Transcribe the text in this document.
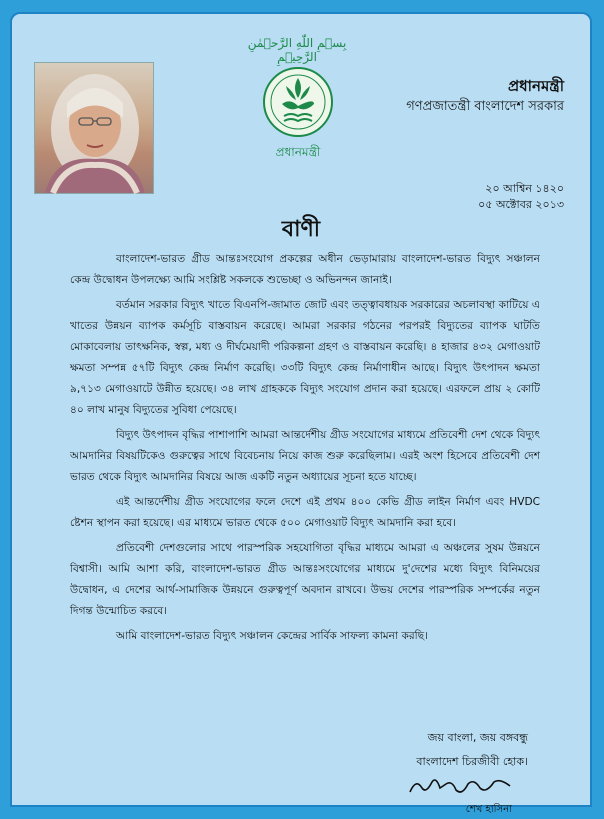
بِسۡمِ اللّٰهِ الرَّحۡمٰنِ الرَّحِیۡمِ
প্রধানমন্ত্রী
প্রধানমন্ত্রী
গণপ্রজাতন্ত্রী বাংলাদেশ সরকার
২০ আশ্বিন ১৪২০
০৫ অক্টোবর ২০১৩
বাণী

বাংলাদেশ-ভারত গ্রীড আন্তঃসংযোগ প্রকল্পের অধীন ভেড়ামারায় বাংলাদেশ-ভারত বিদ্যুৎ সঞ্চালন কেন্দ্র উদ্বোধন উপলক্ষ্যে আমি সংশ্লিষ্ট সকলকে শুভেচ্ছা ও অভিনন্দন জানাই।

বর্তমান সরকার বিদ্যুৎ খাতে বিএনপি-জামাত জোট এবং তত্ত্বাবধায়ক সরকারের অচলাবস্থা কাটিয়ে এ খাতের উন্নয়ন ব্যাপক কর্মসূচি বাস্তবায়ন করেছে। আমরা সরকার গঠনের পরপরই বিদ্যুতের ব্যাপক ঘাটতি মোকাবেলায় তাৎক্ষনিক, স্বল্প, মধ্য ও দীর্ঘমেয়াদী পরিকল্পনা গ্রহণ ও বাস্তবায়ন করেছি। ৪ হাজার ৪৩২ মেগাওয়াট ক্ষমতা সম্পন্ন ৫৭টি বিদ্যুৎ কেন্দ্র নির্মাণ করেছি। ৩৩টি বিদ্যুৎ কেন্দ্র নির্মাণাধীন আছে। বিদ্যুৎ উৎপাদন ক্ষমতা ৯,৭১৩ মেগাওয়াটে উন্নীত হয়েছে। ৩৪ লাখ গ্রাহককে বিদ্যুৎ সংযোগ প্রদান করা হয়েছে। এরফলে প্রায় ২ কোটি ৪০ লাখ মানুষ বিদ্যুতের সুবিধা পেয়েছে।

বিদ্যুৎ উৎপাদন বৃদ্ধির পাশাপাশি আমরা আন্তর্দেশীয় গ্রীড সংযোগের মাধ্যমে প্রতিবেশী দেশ থেকে বিদ্যুৎ আমদানির বিষয়টিকেও গুরুত্বের সাথে বিবেচনায় নিয়ে কাজ শুরু করেছিলাম। এরই অংশ হিসেবে প্রতিবেশী দেশ ভারত থেকে বিদ্যুৎ আমদানির বিষয়ে আজ একটি নতুন অধ্যায়ের সূচনা হতে যাচ্ছে।

এই আন্তর্দেশীয় গ্রীড সংযোগের ফলে দেশে এই প্রথম ৪০০ কেভি গ্রীড লাইন নির্মাণ এবং HVDC ষ্টেশন স্থাপন করা হয়েছে। এর মাধ্যমে ভারত থেকে ৫০০ মেগাওয়াট বিদ্যুৎ আমদানি করা হবে।

প্রতিবেশী দেশগুলোর সাথে পারস্পরিক সহযোগিতা বৃদ্ধির মাধ্যমে আমরা এ অঞ্চলের সুষম উন্নয়নে বিশ্বাসী। আমি আশা করি, বাংলাদেশ-ভারত গ্রীড আন্তঃসংযোগের মাধ্যমে দু'দেশের মধ্যে বিদ্যুৎ বিনিময়ের উদ্বোধন, এ দেশের আর্থ-সামাজিক উন্নয়নে গুরুত্বপূর্ণ অবদান রাখবে। উভয় দেশের পারস্পরিক সম্পর্কের নতুন দিগন্ত উন্মোচিত করবে।

আমি বাংলাদেশ-ভারত বিদ্যুৎ সঞ্চালন কেন্দ্রের সার্বিক সাফল্য কামনা করছি।

জয় বাংলা, জয় বঙ্গবন্ধু
বাংলাদেশ চিরজীবী হোক।
শেখ হাসিনা
